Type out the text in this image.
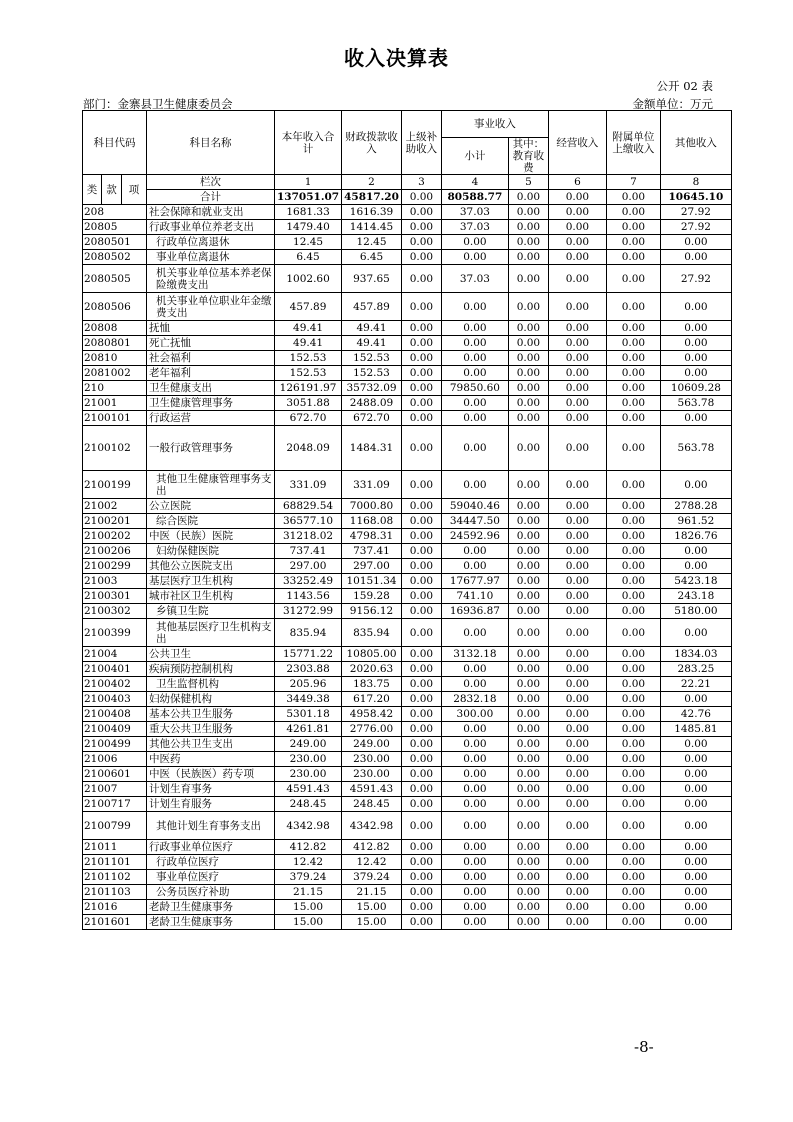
收入决算表
公开 02 表
部门：金寨县卫生健康委员会	金额单位：万元
科目代码			科目名称	本年收入合计	财政拨款收入	上级补助收入	事业收入		经营收入	附属单位上缴收入	其他收入
							小计	其中：教育收费			

类	款	项	栏次	1	2	3	4	5	6	7	8
			合计	137051.07	45817.20	0.00	80588.77	0.00	0.00	0.00	10645.10
208			社会保障和就业支出	1681.33	1616.39	0.00	37.03	0.00	0.00	0.00	27.92
20805			行政事业单位养老支出	1479.40	1414.45	0.00	37.03	0.00	0.00	0.00	27.92
2080501			行政单位离退休	12.45	12.45	0.00	0.00	0.00	0.00	0.00	0.00
2080502			事业单位离退休	6.45	6.45	0.00	0.00	0.00	0.00	0.00	0.00
2080505			机关事业单位基本养老保险缴费支出	1002.60	937.65	0.00	37.03	0.00	0.00	0.00	27.92
2080506			机关事业单位职业年金缴费支出	457.89	457.89	0.00	0.00	0.00	0.00	0.00	0.00
20808			抚恤	49.41	49.41	0.00	0.00	0.00	0.00	0.00	0.00
2080801			死亡抚恤	49.41	49.41	0.00	0.00	0.00	0.00	0.00	0.00
20810			社会福利	152.53	152.53	0.00	0.00	0.00	0.00	0.00	0.00
2081002			老年福利	152.53	152.53	0.00	0.00	0.00	0.00	0.00	0.00
210			卫生健康支出	126191.97	35732.09	0.00	79850.60	0.00	0.00	0.00	10609.28
21001			卫生健康管理事务	3051.88	2488.09	0.00	0.00	0.00	0.00	0.00	563.78
2100101			行政运营	672.70	672.70	0.00	0.00	0.00	0.00	0.00	0.00
2100102			一般行政管理事务	2048.09	1484.31	0.00	0.00	0.00	0.00	0.00	563.78
2100199			其他卫生健康管理事务支出	331.09	331.09	0.00	0.00	0.00	0.00	0.00	0.00
21002			公立医院	68829.54	7000.80	0.00	59040.46	0.00	0.00	0.00	2788.28
2100201			综合医院	36577.10	1168.08	0.00	34447.50	0.00	0.00	0.00	961.52
2100202			中医（民族）医院	31218.02	4798.31	0.00	24592.96	0.00	0.00	0.00	1826.76
2100206			妇幼保健医院	737.41	737.41	0.00	0.00	0.00	0.00	0.00	0.00
2100299			其他公立医院支出	297.00	297.00	0.00	0.00	0.00	0.00	0.00	0.00
21003			基层医疗卫生机构	33252.49	10151.34	0.00	17677.97	0.00	0.00	0.00	5423.18
2100301			城市社区卫生机构	1143.56	159.28	0.00	741.10	0.00	0.00	0.00	243.18
2100302			乡镇卫生院	31272.99	9156.12	0.00	16936.87	0.00	0.00	0.00	5180.00
2100399			其他基层医疗卫生机构支出	835.94	835.94	0.00	0.00	0.00	0.00	0.00	0.00
21004			公共卫生	15771.22	10805.00	0.00	3132.18	0.00	0.00	0.00	1834.03
2100401			疾病预防控制机构	2303.88	2020.63	0.00	0.00	0.00	0.00	0.00	283.25
2100402			卫生监督机构	205.96	183.75	0.00	0.00	0.00	0.00	0.00	22.21
2100403			妇幼保健机构	3449.38	617.20	0.00	2832.18	0.00	0.00	0.00	0.00
2100408			基本公共卫生服务	5301.18	4958.42	0.00	300.00	0.00	0.00	0.00	42.76
2100409			重大公共卫生服务	4261.81	2776.00	0.00	0.00	0.00	0.00	0.00	1485.81
2100499			其他公共卫生支出	249.00	249.00	0.00	0.00	0.00	0.00	0.00	0.00
21006			中医药	230.00	230.00	0.00	0.00	0.00	0.00	0.00	0.00
2100601			中医（民族医）药专项	230.00	230.00	0.00	0.00	0.00	0.00	0.00	0.00
21007			计划生育事务	4591.43	4591.43	0.00	0.00	0.00	0.00	0.00	0.00
2100717			计划生育服务	248.45	248.45	0.00	0.00	0.00	0.00	0.00	0.00
2100799			其他计划生育事务支出	4342.98	4342.98	0.00	0.00	0.00	0.00	0.00	0.00
21011			行政事业单位医疗	412.82	412.82	0.00	0.00	0.00	0.00	0.00	0.00
2101101			行政单位医疗	12.42	12.42	0.00	0.00	0.00	0.00	0.00	0.00
2101102			事业单位医疗	379.24	379.24	0.00	0.00	0.00	0.00	0.00	0.00
2101103			公务员医疗补助	21.15	21.15	0.00	0.00	0.00	0.00	0.00	0.00
21016			老龄卫生健康事务	15.00	15.00	0.00	0.00	0.00	0.00	0.00	0.00
2101601			老龄卫生健康事务	15.00	15.00	0.00	0.00	0.00	0.00	0.00	0.00
-8-
